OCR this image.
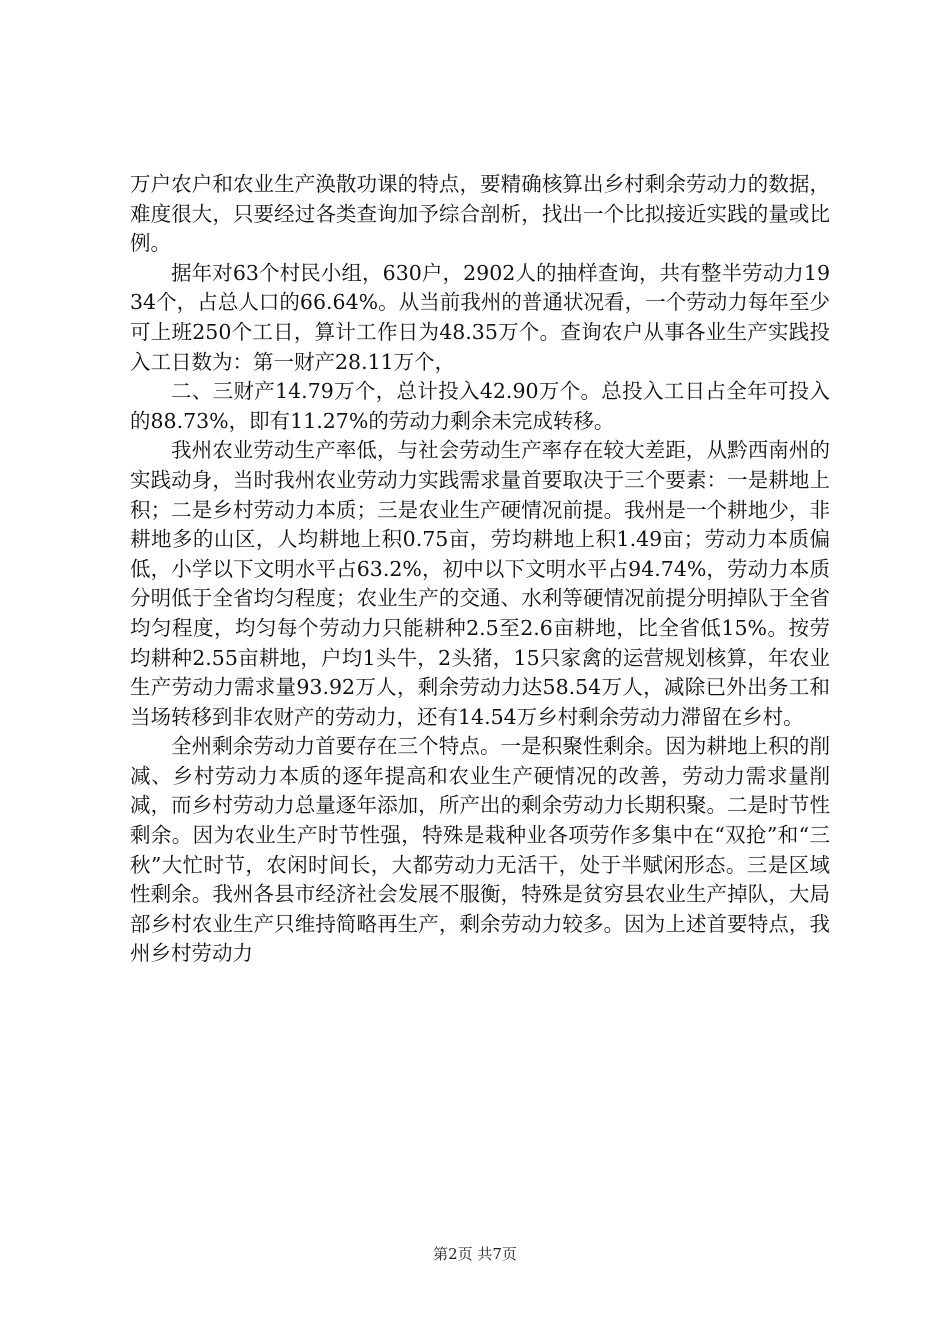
万户农户和农业生产涣散功课的特点，要精确核算出乡村剩余劳动力的数据，难度很大，只要经过各类查询加予综合剖析，找出一个比拟接近实践的量或比例。

据年对63个村民小组，630户，2902人的抽样查询，共有整半劳动力1934个，占总人口的66.64%。从当前我州的普通状况看，一个劳动力每年至少可上班250个工日，算计工作日为48.35万个。查询农户从事各业生产实践投入工日数为：第一财产28.11万个，

二、三财产14.79万个，总计投入42.90万个。总投入工日占全年可投入的88.73%，即有11.27%的劳动力剩余未完成转移。

我州农业劳动生产率低，与社会劳动生产率存在较大差距，从黔西南州的实践动身，当时我州农业劳动力实践需求量首要取决于三个要素：一是耕地上积；二是乡村劳动力本质；三是农业生产硬情况前提。我州是一个耕地少，非耕地多的山区，人均耕地上积0.75亩，劳均耕地上积1.49亩；劳动力本质偏低，小学以下文明水平占63.2%，初中以下文明水平占94.74%，劳动力本质分明低于全省均匀程度；农业生产的交通、水利等硬情况前提分明掉队于全省均匀程度，均匀每个劳动力只能耕种2.5至2.6亩耕地，比全省低15%。按劳均耕种2.55亩耕地，户均1头牛，2头猪，15只家禽的运营规划核算，年农业生产劳动力需求量93.92万人，剩余劳动力达58.54万人，减除已外出务工和当场转移到非农财产的劳动力，还有14.54万乡村剩余劳动力滞留在乡村。

全州剩余劳动力首要存在三个特点。一是积聚性剩余。因为耕地上积的削减、乡村劳动力本质的逐年提高和农业生产硬情况的改善，劳动力需求量削减，而乡村劳动力总量逐年添加，所产出的剩余劳动力长期积聚。二是时节性剩余。因为农业生产时节性强，特殊是栽种业各项劳作多集中在“双抢”和“三秋”大忙时节，农闲时间长，大都劳动力无活干，处于半赋闲形态。三是区域性剩余。我州各县市经济社会发展不服衡，特殊是贫穷县农业生产掉队，大局部乡村农业生产只维持简略再生产，剩余劳动力较多。因为上述首要特点，我州乡村劳动力

第2页 共7页
